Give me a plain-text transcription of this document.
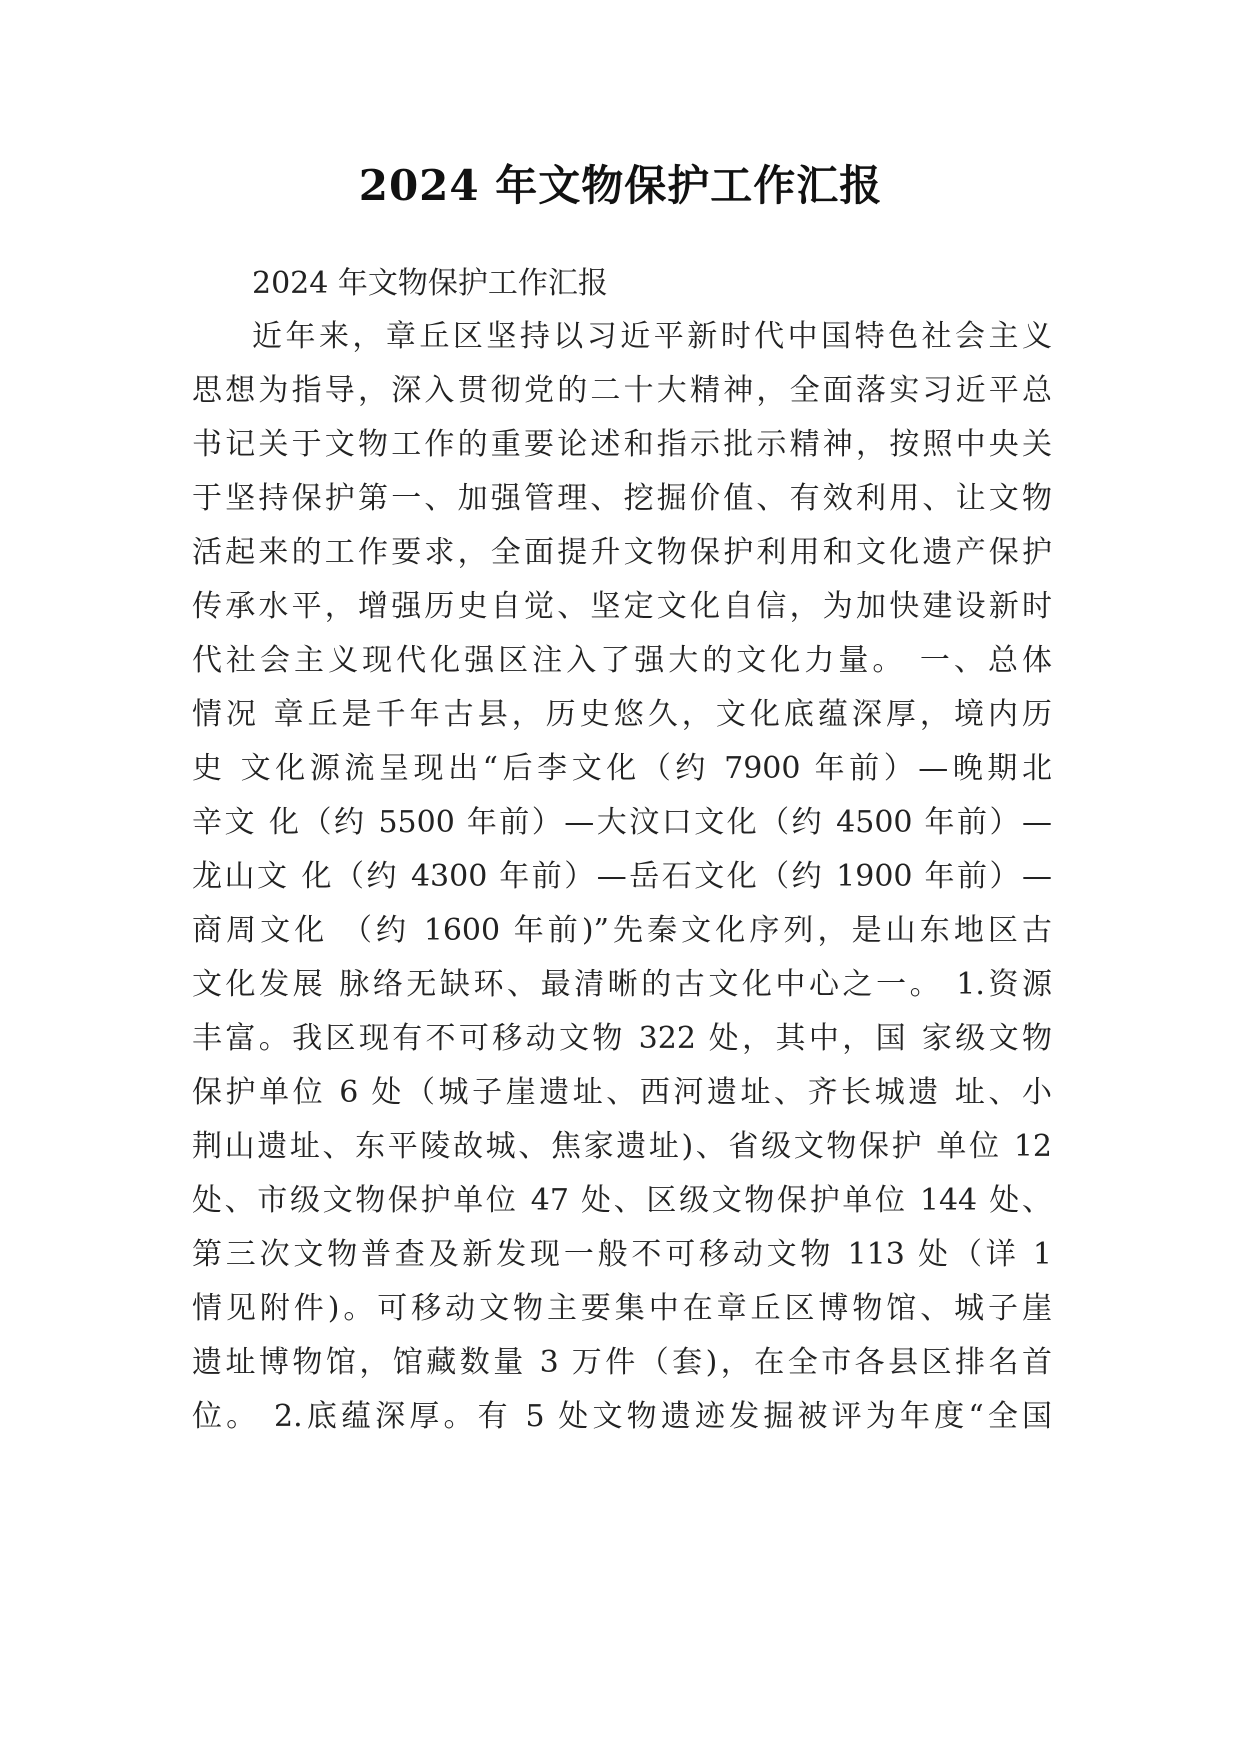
2024 年文物保护工作汇报
2024 年文物保护工作汇报
近年来，章丘区坚持以习近平新时代中国特色社会主义
思想为指导，深入贯彻党的二十大精神，全面落实习近平总
书记关于文物工作的重要论述和指示批示精神，按照中央关
于坚持保护第一、加强管理、挖掘价值、有效利用、让文物
活起来的工作要求，全面提升文物保护利用和文化遗产保护
传承水平，增强历史自觉、坚定文化自信，为加快建设新时
代社会主义现代化强区注入了强大的文化力量。 一、总体
情况 章丘是千年古县，历史悠久，文化底蕴深厚，境内历
史 文化源流呈现出“后李文化（约 7900 年前）—晚期北
辛文 化（约 5500 年前）—大汶口文化（约 4500 年前）—
龙山文 化（约 4300 年前）—岳石文化（约 1900 年前）—
商周文化 （约 1600 年前)”先秦文化序列，是山东地区古
文化发展 脉络无缺环、最清晰的古文化中心之一。 1.资源
丰富。我区现有不可移动文物 322 处，其中，国 家级文物
保护单位 6 处（城子崖遗址、西河遗址、齐长城遗 址、小
荆山遗址、东平陵故城、焦家遗址)、省级文物保护 单位 12
处、市级文物保护单位 47 处、区级文物保护单位 144 处、
第三次文物普查及新发现一般不可移动文物 113 处（详 1
情见附件)。可移动文物主要集中在章丘区博物馆、城子崖
遗址博物馆，馆藏数量 3 万件（套)，在全市各县区排名首
位。 2.底蕴深厚。有 5 处文物遗迹发掘被评为年度“全国
